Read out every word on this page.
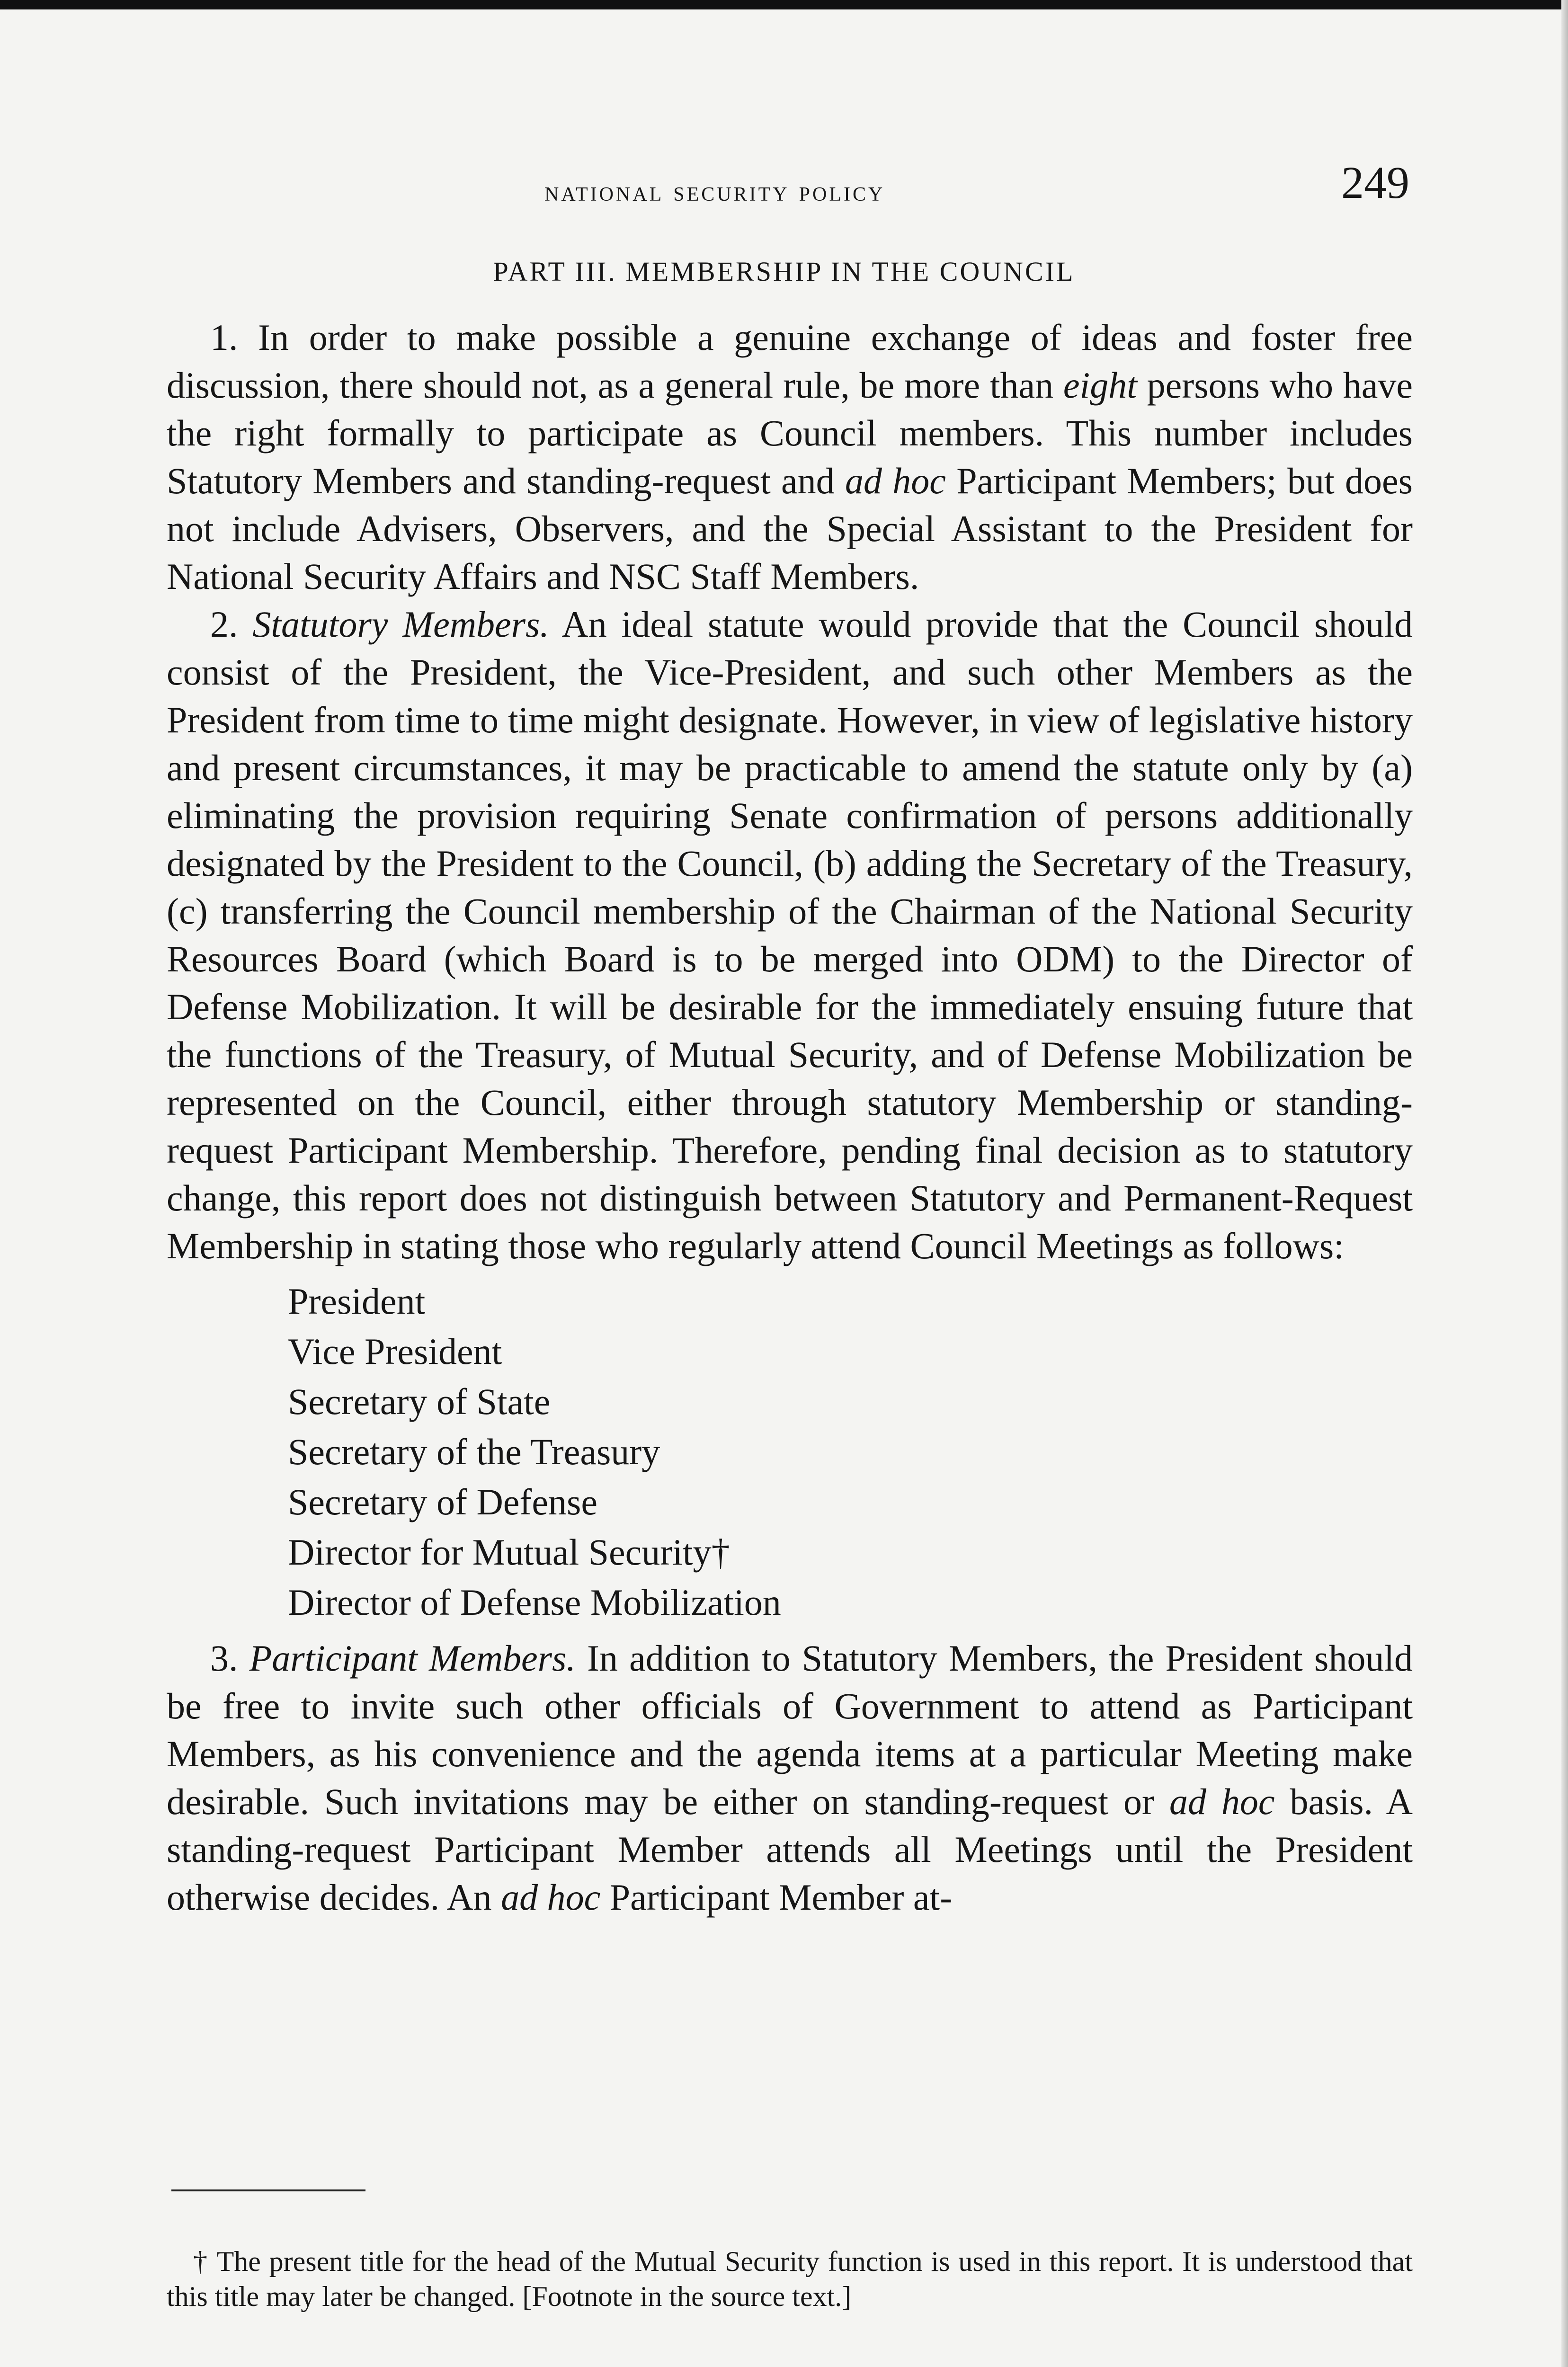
national security policy	249
PART III. MEMBERSHIP IN THE COUNCIL

1. In order to make possible a genuine exchange of ideas and foster free discussion, there should not, as a general rule, be more than eight persons who have the right formally to participate as Council members. This number includes Statutory Members and standing-request and ad hoc Participant Members; but does not include Advisers, Observers, and the Special Assistant to the President for National Security Affairs and NSC Staff Members.

2. Statutory Members. An ideal statute would provide that the Council should consist of the President, the Vice-President, and such other Members as the President from time to time might designate. However, in view of legislative history and present circumstances, it may be practicable to amend the statute only by (a) eliminating the provision requiring Senate confirmation of persons additionally designated by the President to the Council, (b) adding the Secretary of the Treasury, (c) transferring the Council membership of the Chairman of the National Security Resources Board (which Board is to be merged into ODM) to the Director of Defense Mobilization. It will be desirable for the immediately ensuing future that the functions of the Treasury, of Mutual Security, and of Defense Mobilization be represented on the Council, either through statutory Membership or standing-request Participant Membership. Therefore, pending final decision as to statutory change, this report does not distinguish between Statutory and Permanent-Request Membership in stating those who regularly attend Council Meetings as follows:

President
Vice President
Secretary of State
Secretary of the Treasury
Secretary of Defense
Director for Mutual Security†
Director of Defense Mobilization

3. Participant Members. In addition to Statutory Members, the President should be free to invite such other officials of Government to attend as Participant Members, as his convenience and the agenda items at a particular Meeting make desirable. Such invitations may be either on standing-request or ad hoc basis. A standing-request Participant Member attends all Meetings until the President otherwise decides. An ad hoc Participant Member at-

† The present title for the head of the Mutual Security function is used in this report. It is understood that this title may later be changed. [Footnote in the source text.]
